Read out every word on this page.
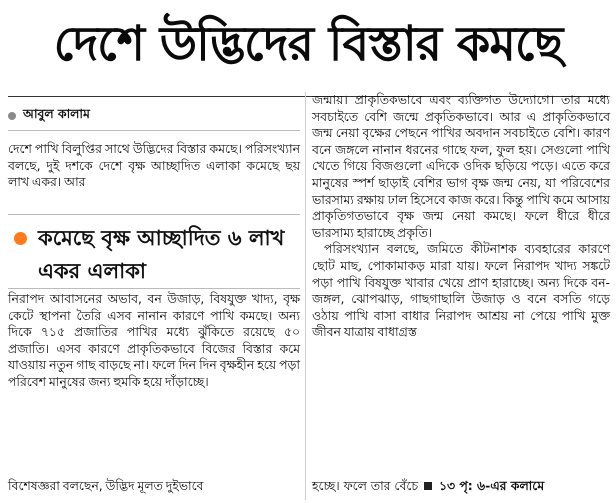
দেশে উদ্ভিদের বিস্তার কমছে
আবুল কালাম

দেশে পাখি বিলুপ্তির সাথে উদ্ভিদের বিস্তার কমছে। পরিসংখ্যান বলছে, দুই দশকে দেশে বৃক্ষ আচ্ছাদিত এলাকা কমেছে ছয় লাখ একর। আর

কমেছে বৃক্ষ আচ্ছাদিত ৬ লাখ একর এলাকা

নিরাপদ আবাসনের অভাব, বন উজাড়, বিষযুক্ত খাদ্য, বৃক্ষ কেটে স্থাপনা তৈরি এসব নানান কারণে পাখি কমছে। অন্য দিকে ৭১৫ প্রজাতির পাখির মধ্যে ঝুঁকিতে রয়েছে ৫০ প্রজাতি। এসব কারণে প্রাকৃতিকভাবে বিজের বিস্তার কমে যাওয়ায় নতুন গাছ বাড়ছে না। ফলে দিন দিন বৃক্ষহীন হয়ে পড়া পরিবেশ মানুষের জন্য হুমকি হয়ে দাঁড়াচ্ছে।

বিশেষজ্ঞরা বলছেন, উদ্ভিদ মূলত দুইভাবে

জন্মায়। প্রাকৃতিকভাবে এবং ব্যক্তিগত উদ্যোগে। তার মধ্যে সবচাইতে বেশি জন্মে প্রকৃতিকভাবে। আর এ প্রাকৃতিকভাবে জন্ম নেয়া বৃক্ষের পেছনে পাখির অবদান সবচাইতে বেশি। কারণ বনে জঙ্গলে নানান ধরনের গাছে ফল, ফুল হয়। সেগুলো পাখি খেতে গিয়ে বিজগুলো এদিকে ওদিক ছড়িয়ে পড়ে। এতে করে মানুষের স্পর্শ ছাড়াই বেশির ভাগ বৃক্ষ জন্ম নেয়, যা পরিবেশের ভারসাম্য রক্ষায় ঢাল হিসেবে কাজ করে। কিন্তু পাখি কমে আসায় প্রাকৃতিগতভাবে বৃক্ষ জন্ম নেয়া কমছে। ফলে ধীরে ধীরে ভারসাম্য হারাচ্ছে প্রকৃতি।

পরিসংখ্যান বলছে, জমিতে কীটনাশক ব্যবহারের কারণে ছোট মাছ, পোকামাকড় মারা যায়। ফলে নিরাপদ খাদ্য সঙ্কটে পড়া পাখি বিষযুক্ত খাবার খেয়ে প্রাণ হারাচ্ছে। অন্য দিকে বন-জঙ্গল, ঝোপঝাড়, গাছগাছালি উজাড় ও বনে বসতি গড়ে ওঠায় পাখি বাসা বাধার নিরাপদ আশ্রয় না পেয়ে পাখি মুক্ত জীবন যাত্রায় বাধাগ্রস্ত

হচ্ছে। ফলে তার বেঁচে ১৩ পৃ: ৬-এর কলামে
